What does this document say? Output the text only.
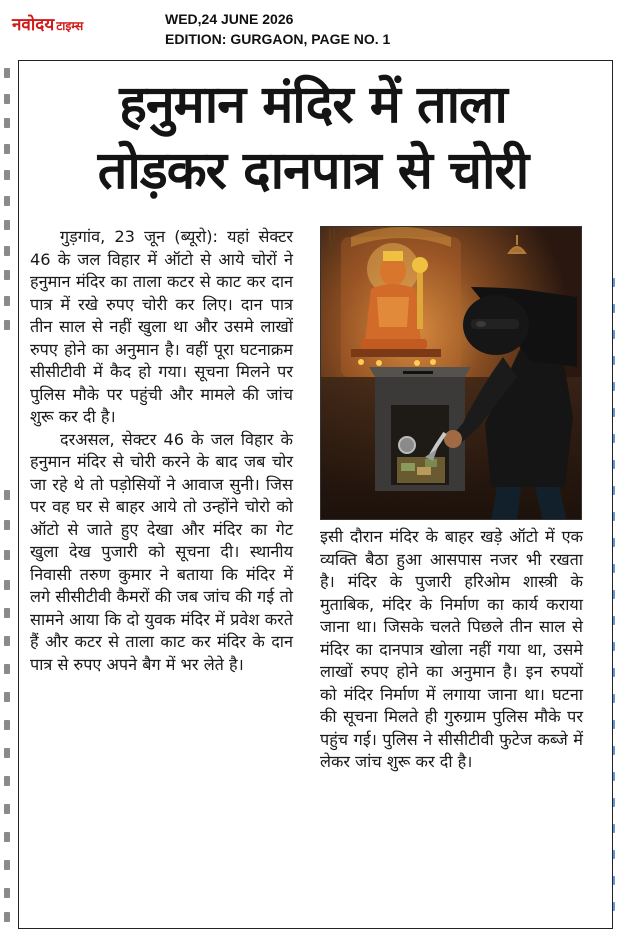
नवोदय टाइम्स	WED,24 JUNE 2026
EDITION: GURGAON, PAGE NO. 1
हनुमान मंदिर में ताला
तोड़कर दानपात्र से चोरी

गुड़गांव, 23 जून (ब्यूरो): यहां सेक्टर 46 के जल विहार में ऑटो से आये चोरों ने हनुमान मंदिर का ताला कटर से काट कर दान पात्र में रखे रुपए चोरी कर लिए। दान पात्र तीन साल से नहीं खुला था और उसमे लाखों रुपए होने का अनुमान है। वहीं पूरा घटनाक्रम सीसीटीवी में कैद हो गया। सूचना मिलने पर पुलिस मौके पर पहुंची और मामले की जांच शुरू कर दी है।

दरअसल, सेक्टर 46 के जल विहार के हनुमान मंदिर से चोरी करने के बाद जब चोर जा रहे थे तो पड़ोसियों ने आवाज सुनी। जिस पर वह घर से बाहर आये तो उन्होंने चोरो को ऑटो से जाते हुए देखा और मंदिर का गेट खुला देख पुजारी को सूचना दी। स्थानीय निवासी तरुण कुमार ने बताया कि मंदिर में लगे सीसीटीवी कैमरों की जब जांच की गई तो सामने आया कि दो युवक मंदिर में प्रवेश करते हैं और कटर से ताला काट कर मंदिर के दान पात्र से रुपए अपने बैग में भर लेते है।

इसी दौरान मंदिर के बाहर खड़े ऑटो में एक व्यक्ति बैठा हुआ आसपास नजर भी रखता है। मंदिर के पुजारी हरिओम शास्त्री के मुताबिक, मंदिर के निर्माण का कार्य कराया जाना था। जिसके चलते पिछले तीन साल से मंदिर का दानपात्र खोला नहीं गया था, उसमे लाखों रुपए होने का अनुमान है। इन रुपयों को मंदिर निर्माण में लगाया जाना था। घटना की सूचना मिलते ही गुरुग्राम पुलिस मौके पर पहुंच गई। पुलिस ने सीसीटीवी फुटेज कब्जे में लेकर जांच शुरू कर दी है।
